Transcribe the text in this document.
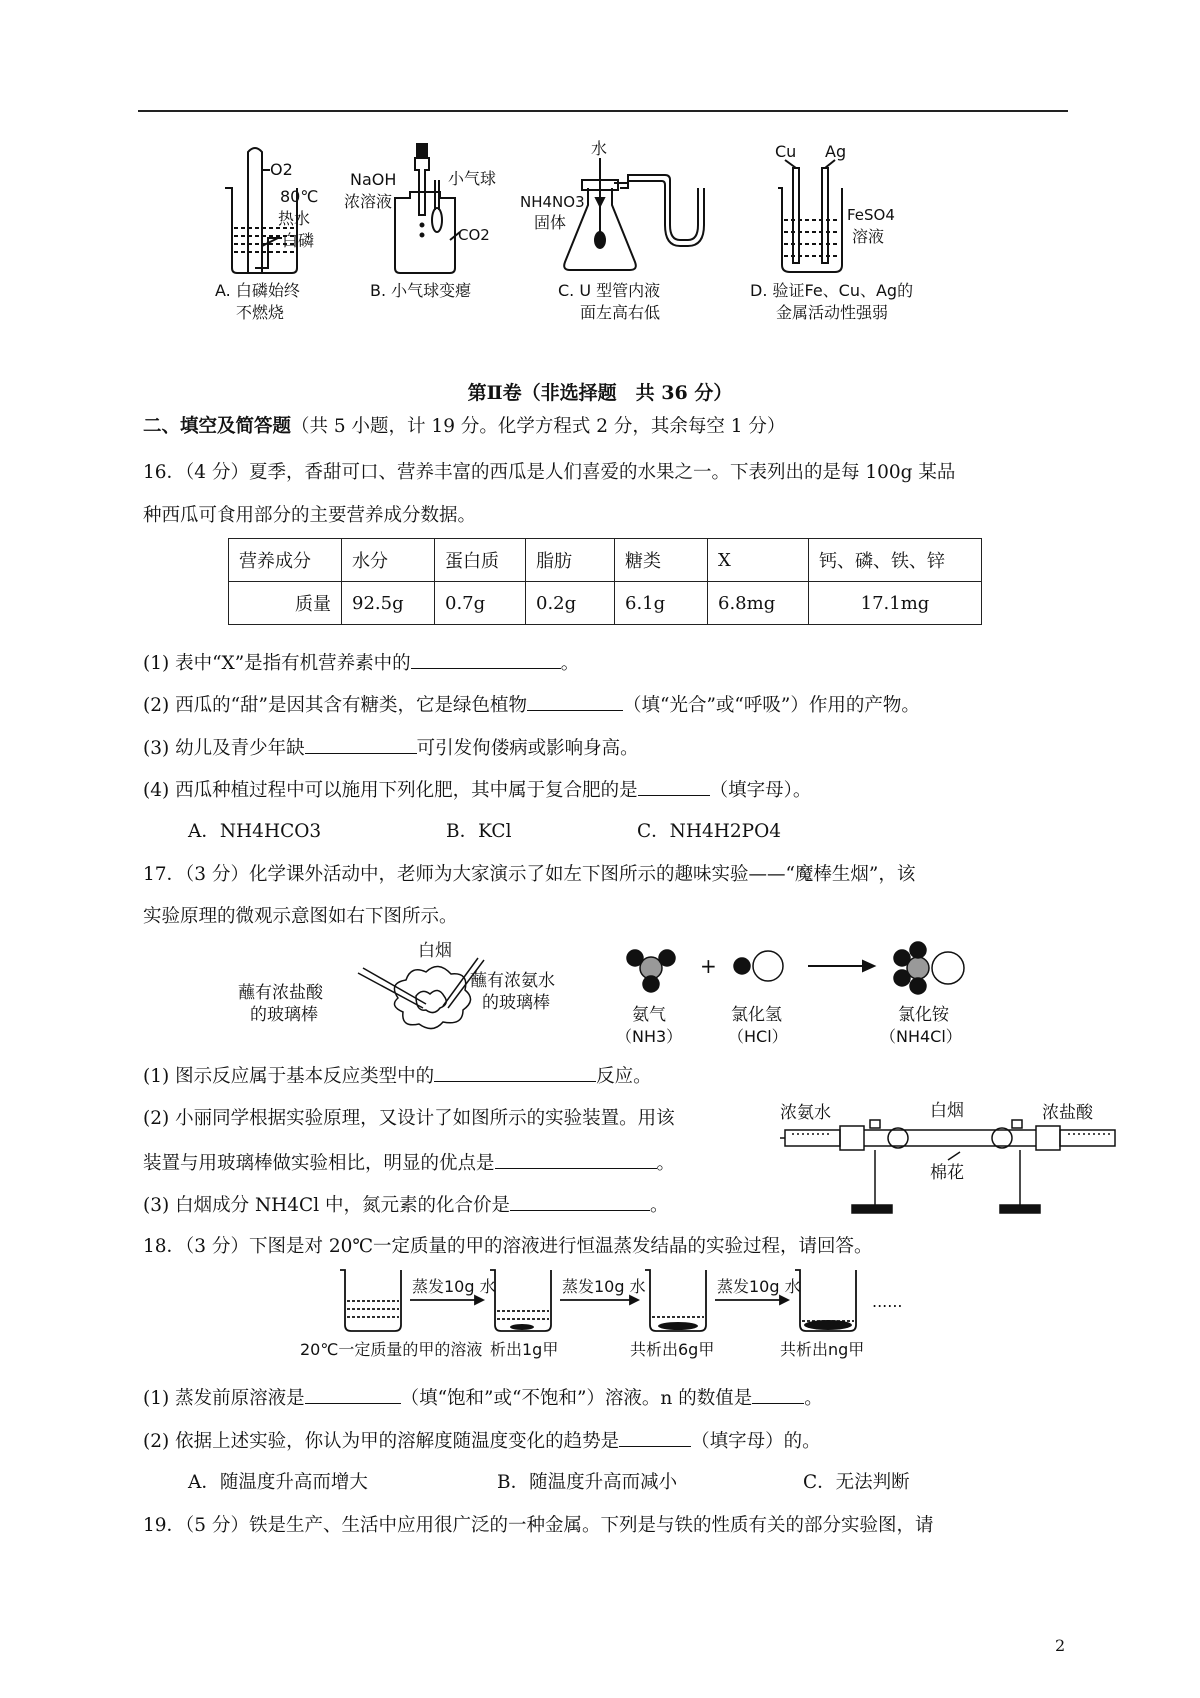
O2
80℃
热水
白磷
A. 白磷始终
不燃烧
NaOH
浓溶液
小气球
CO2
B. 小气球变瘪
水
NH4NO3
固体
C. U 型管内液
面左高右低
Cu Ag
FeSO4
溶液
D. 验证Fe、Cu、Ag的
金属活动性强弱
第Ⅱ卷（非选择题　共 36 分）
二、填空及简答题（共 5 小题，计 19 分。化学方程式 2 分，其余每空 1 分）
16．（4 分）夏季，香甜可口、营养丰富的西瓜是人们喜爱的水果之一。下表列出的是每 100g 某品
种西瓜可食用部分的主要营养成分数据。
营养成分	水分	蛋白质	脂肪	糖类	X	钙、磷、铁、锌
质量	92.5g	0.7g	0.2g	6.1g	6.8mg	17.1mg
(1) 表中“X”是指有机营养素中的	。
(2) 西瓜的“甜”是因其含有糖类，它是绿色植物	（填“光合”或“呼吸”）作用的产物。
(3) 幼儿及青少年缺	可引发佝偻病或影响身高。
(4) 西瓜种植过程中可以施用下列化肥，其中属于复合肥的是	（填字母）。
A．NH4HCO3	B．KCl	C．NH4H2PO4
17．（3 分）化学课外活动中，老师为大家演示了如左下图所示的趣味实验——“魔棒生烟”，该
实验原理的微观示意图如右下图所示。
白烟
蘸有浓盐酸
的玻璃棒
蘸有浓氨水
的玻璃棒
+
氨气
（NH3）
氯化氢
（HCl）
氯化铵
（NH4Cl）
(1) 图示反应属于基本反应类型中的	反应。
(2) 小丽同学根据实验原理，又设计了如图所示的实验装置。用该
装置与用玻璃棒做实验相比，明显的优点是	。
(3) 白烟成分 NH4Cl 中，氮元素的化合价是	。
浓氨水	白烟	浓盐酸
棉花
18．（3 分）下图是对 20℃一定质量的甲的溶液进行恒温蒸发结晶的实验过程，请回答。
蒸发10g 水	蒸发10g 水	蒸发10g 水
......
20℃一定质量的甲的溶液 析出1g甲	共析出6g甲	共析出ng甲
(1) 蒸发前原溶液是	（填“饱和”或“不饱和”）溶液。n 的数值是	。
(2) 依据上述实验，你认为甲的溶解度随温度变化的趋势是	（填字母）的。
A．随温度升高而增大	B．随温度升高而减小	C．无法判断
19．（5 分）铁是生产、生活中应用很广泛的一种金属。下列是与铁的性质有关的部分实验图，请
2
